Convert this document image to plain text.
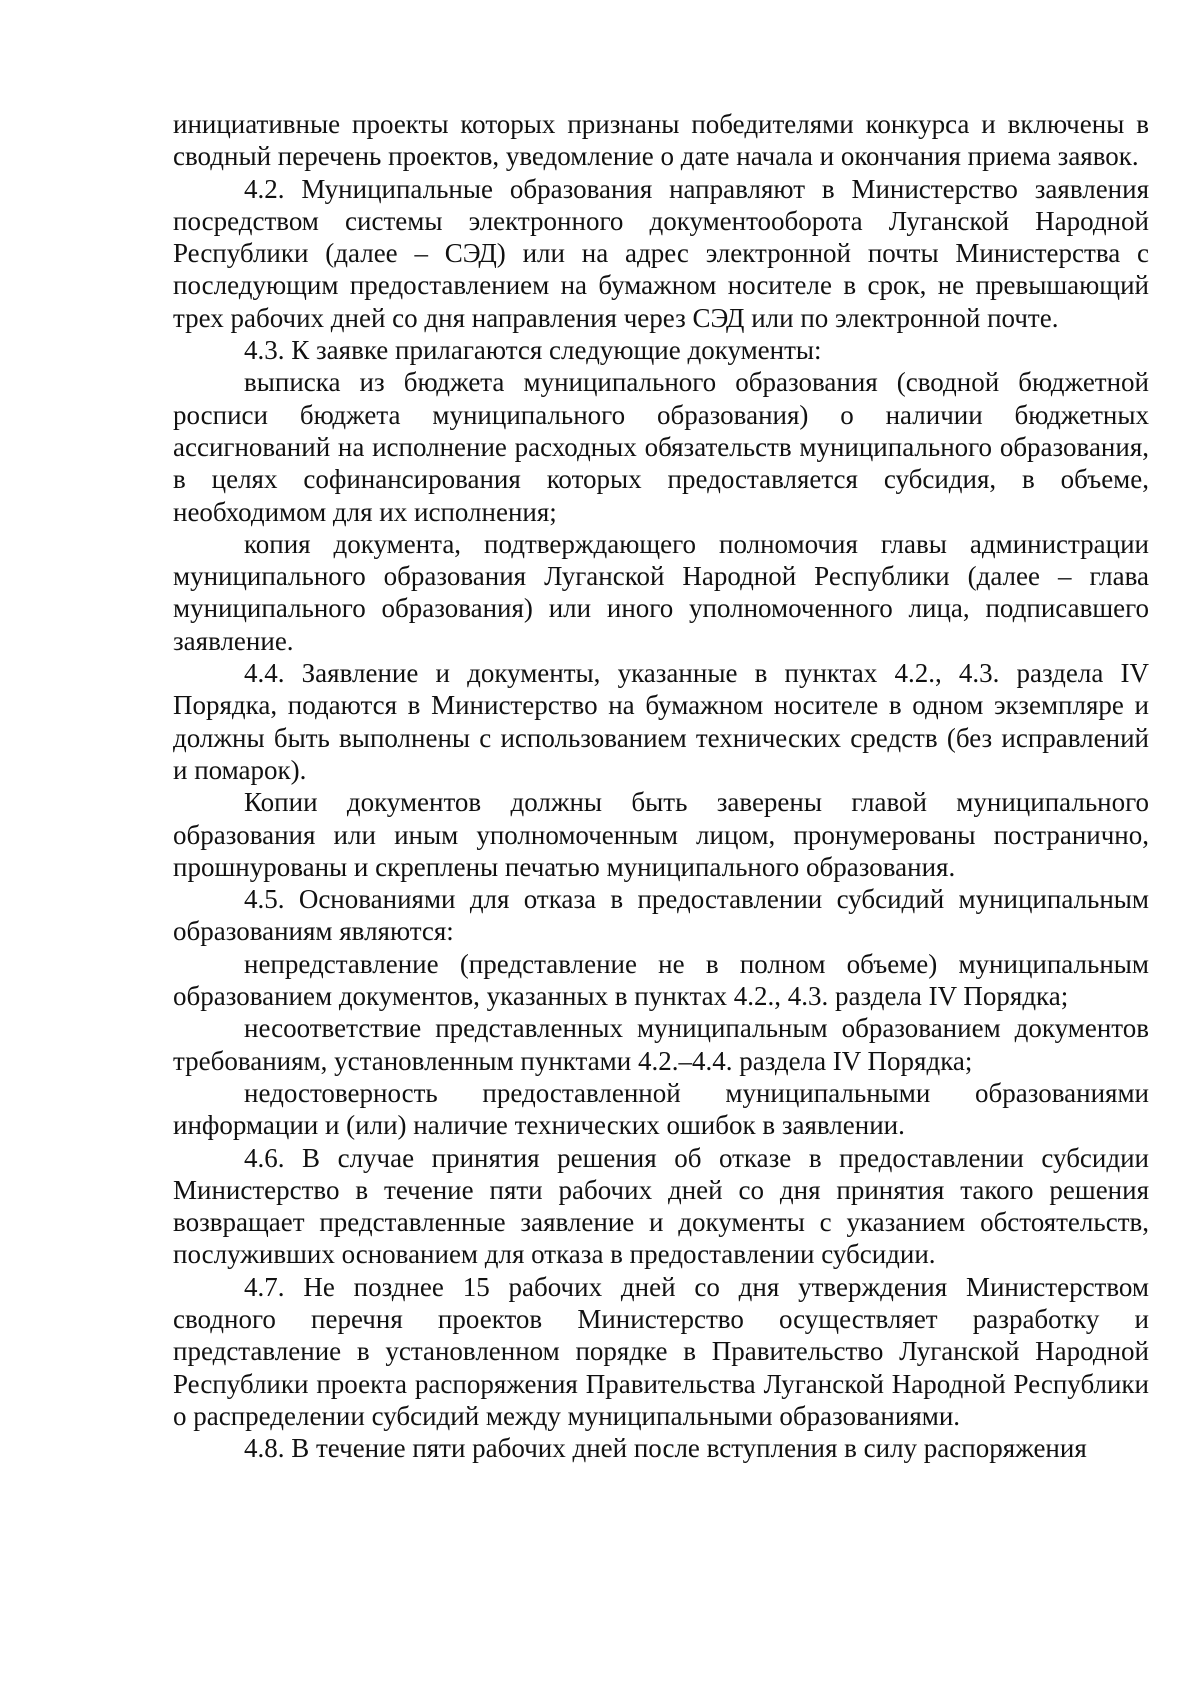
инициативные проекты которых признаны победителями конкурса и включены в сводный перечень проектов, уведомление о дате начала и окончания приема заявок.

4.2. Муниципальные образования направляют в Министерство заявления посредством системы электронного документооборота Луганской Народной Республики (далее – СЭД) или на адрес электронной почты Министерства с последующим предоставлением на бумажном носителе в срок, не превышающий трех рабочих дней со дня направления через СЭД или по электронной почте.

4.3. К заявке прилагаются следующие документы:

выписка из бюджета муниципального образования (сводной бюджетной росписи бюджета муниципального образования) о наличии бюджетных ассигнований на исполнение расходных обязательств муниципального образования, в целях софинансирования которых предоставляется субсидия, в объеме, необходимом для их исполнения;

копия документа, подтверждающего полномочия главы администрации муниципального образования Луганской Народной Республики (далее – глава муниципального образования) или иного уполномоченного лица, подписавшего заявление.

4.4. Заявление и документы, указанные в пунктах 4.2., 4.3. раздела IV Порядка, подаются в Министерство на бумажном носителе в одном экземпляре и должны быть выполнены с использованием технических средств (без исправлений и помарок).

Копии документов должны быть заверены главой муниципального образования или иным уполномоченным лицом, пронумерованы постранично, прошнурованы и скреплены печатью муниципального образования.

4.5. Основаниями для отказа в предоставлении субсидий муниципальным образованиям являются:

непредставление (представление не в полном объеме) муниципальным образованием документов, указанных в пунктах 4.2., 4.3. раздела IV Порядка;

несоответствие представленных муниципальным образованием документов требованиям, установленным пунктами 4.2.–4.4. раздела IV Порядка;

недостоверность предоставленной муниципальными образованиями информации и (или) наличие технических ошибок в заявлении.

4.6. В случае принятия решения об отказе в предоставлении субсидии Министерство в течение пяти рабочих дней со дня принятия такого решения возвращает представленные заявление и документы с указанием обстоятельств, послуживших основанием для отказа в предоставлении субсидии.

4.7. Не позднее 15 рабочих дней со дня утверждения Министерством сводного перечня проектов Министерство осуществляет разработку и представление в установленном порядке в Правительство Луганской Народной Республики проекта распоряжения Правительства Луганской Народной Республики о распределении субсидий между муниципальными образованиями.

4.8. В течение пяти рабочих дней после вступления в силу распоряжения
